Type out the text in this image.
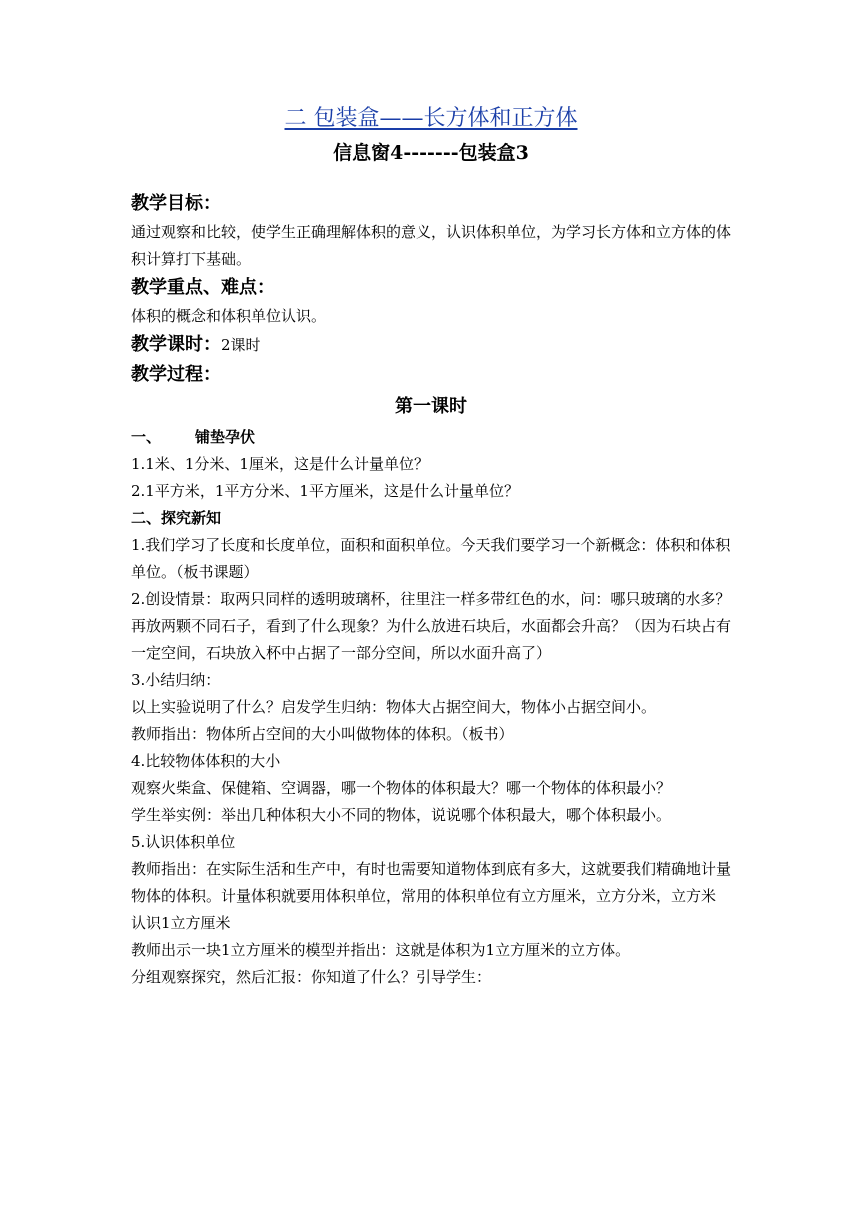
二 包装盒——长方体和正方体
信息窗4-------包装盒3

教学目标：

通过观察和比较，使学生正确理解体积的意义，认识体积单位，为学习长方体和立方体的体积计算打下基础。

教学重点、难点：

体积的概念和体积单位认识。

教学课时：2课时

教学过程：

第一课时

一、 铺垫孕伏

1.1米、1分米、1厘米，这是什么计量单位？

2.1平方米，1平方分米、1平方厘米，这是什么计量单位？

二、探究新知

1.我们学习了长度和长度单位，面积和面积单位。今天我们要学习一个新概念：体积和体积单位。（板书课题）

2.创设情景：取两只同样的透明玻璃杯，往里注一样多带红色的水，问：哪只玻璃的水多？再放两颗不同石子，看到了什么现象？为什么放进石块后，水面都会升高？（因为石块占有一定空间，石块放入杯中占据了一部分空间，所以水面升高了）

3.小结归纳：

以上实验说明了什么？启发学生归纳：物体大占据空间大，物体小占据空间小。

教师指出：物体所占空间的大小叫做物体的体积。（板书）

4.比较物体体积的大小

观察火柴盒、保健箱、空调器，哪一个物体的体积最大？哪一个物体的体积最小？

学生举实例：举出几种体积大小不同的物体，说说哪个体积最大，哪个体积最小。

5.认识体积单位

教师指出：在实际生活和生产中，有时也需要知道物体到底有多大，这就要我们精确地计量物体的体积。计量体积就要用体积单位，常用的体积单位有立方厘米，立方分米，立方米

认识1立方厘米

教师出示一块1立方厘米的模型并指出：这就是体积为1立方厘米的立方体。

分组观察探究，然后汇报：你知道了什么？引导学生：
